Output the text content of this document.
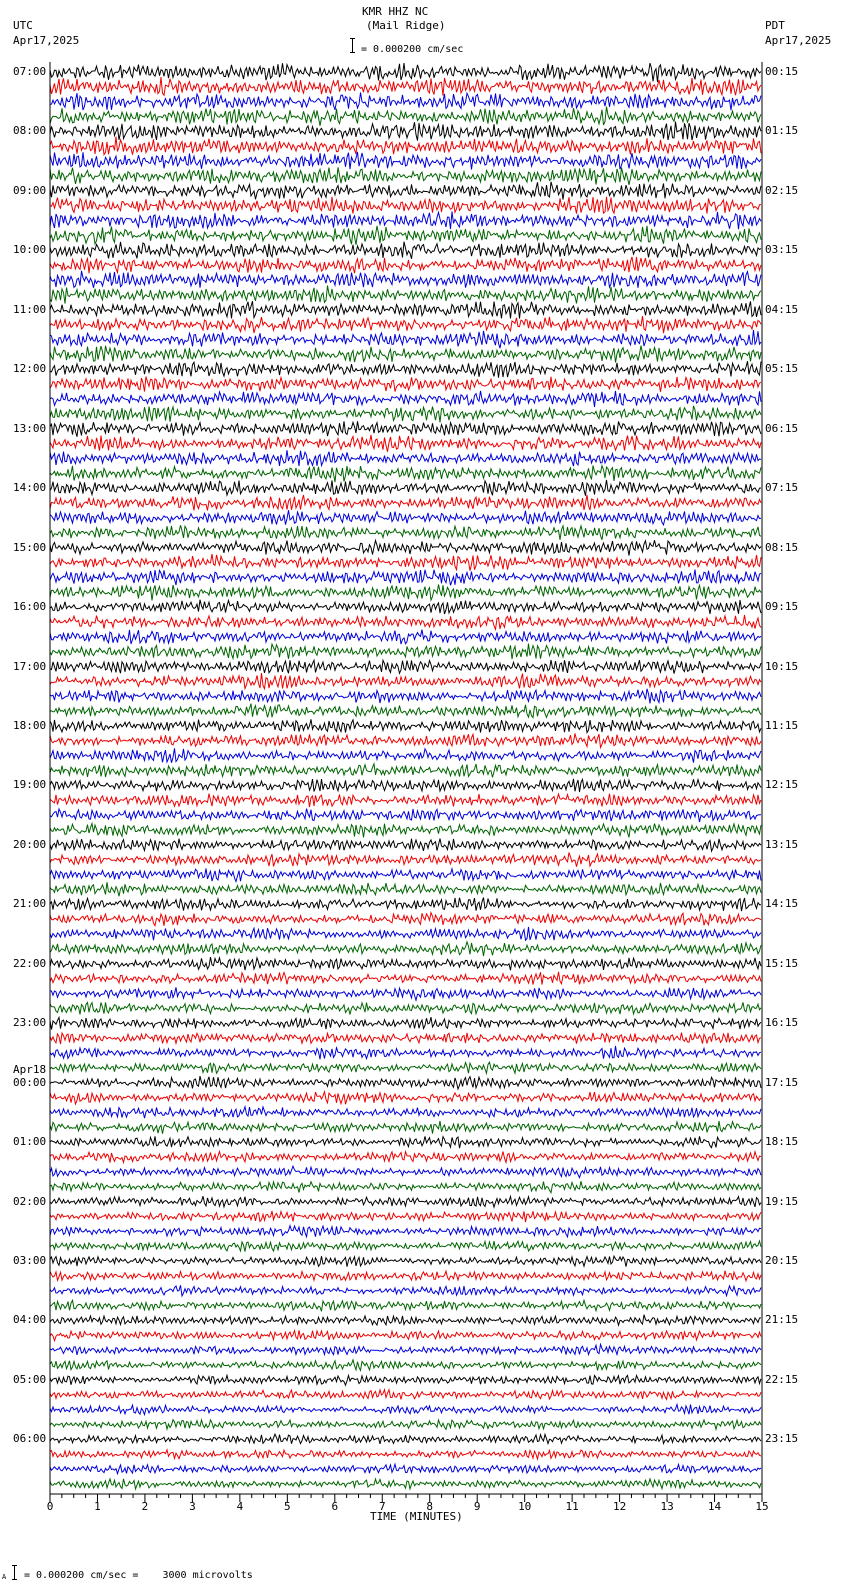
KMR HHZ NC
(Mail Ridge)
UTC
Apr17,2025
PDT
Apr17,2025
= 0.000200 cm/sec
07:00
08:00
09:00
10:00
11:00
12:00
13:00
14:00
15:00
16:00
17:00
18:00
19:00
20:00
21:00
22:00
23:00
00:00
Apr18
01:00
02:00
03:00
04:00
05:00
06:00
00:15
01:15
02:15
03:15
04:15
05:15
06:15
07:15
08:15
09:15
10:15
11:15
12:15
13:15
14:15
15:15
16:15
17:15
18:15
19:15
20:15
21:15
22:15
23:15
0	1	2	3	4	5	6	7	8	9	10	11	12	13	14	15
TIME (MINUTES)
A = 0.000200 cm/sec =    3000 microvolts
